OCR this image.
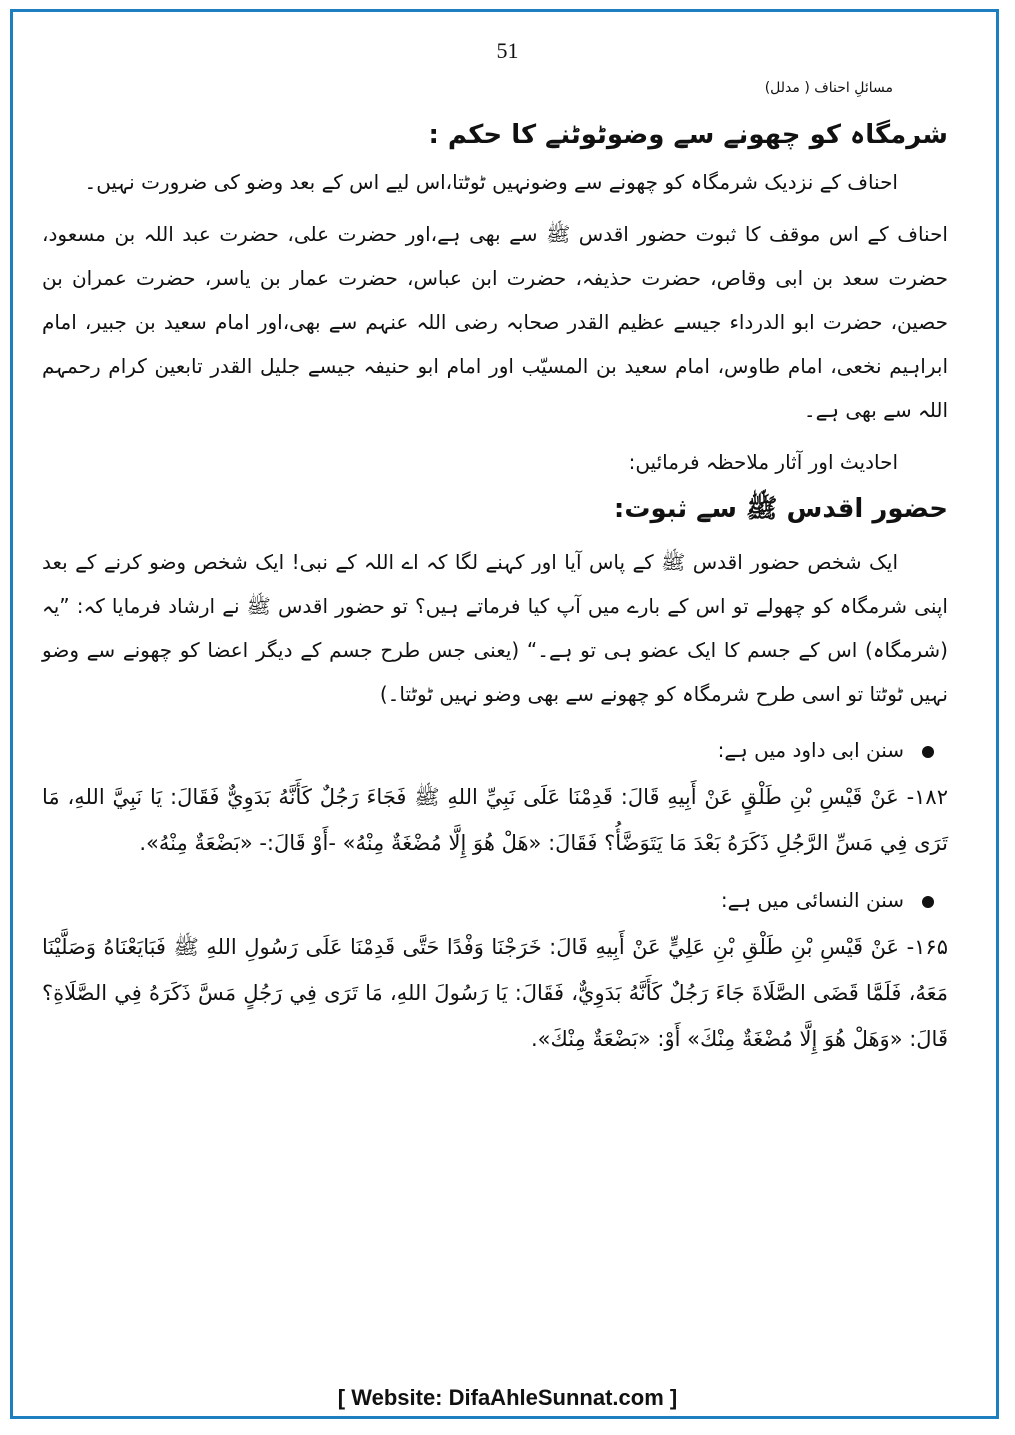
51
مسائلِ احناف ( مدلل)
شرمگاہ کو چھونے سے وضوٹوٹنے کا حکم :

احناف کے نزدیک شرمگاہ کو چھونے سے وضونہیں ٹوٹتا،اس لیے اس کے بعد وضو کی ضرورت نہیں۔

احناف کے اس موقف کا ثبوت حضور اقدس ﷺ سے بھی ہے،اور حضرت علی، حضرت عبد اللہ بن مسعود، حضرت سعد بن ابی وقاص، حضرت حذیفہ، حضرت ابن عباس، حضرت عمار بن یاسر، حضرت عمران بن حصین، حضرت ابو الدرداء جیسے عظیم القدر صحابہ رضی اللہ عنہم سے بھی،اور امام سعید بن جبیر، امام ابراہیم نخعی، امام طاوس، امام سعید بن المسیّب اور امام ابو حنیفہ جیسے جلیل القدر تابعین کرام رحمہم اللہ سے بھی ہے۔

احادیث اور آثار ملاحظہ فرمائیں:

حضور اقدس ﷺ سے ثبوت:

ایک شخص حضور اقدس ﷺ کے پاس آیا اور کہنے لگا کہ اے اللہ کے نبی! ایک شخص وضو کرنے کے بعد اپنی شرمگاہ کو چھولے تو اس کے بارے میں آپ کیا فرماتے ہیں؟ تو حضور اقدس ﷺ نے ارشاد فرمایا کہ: ”یہ (شرمگاہ) اس کے جسم کا ایک عضو ہی تو ہے۔“ (یعنی جس طرح جسم کے دیگر اعضا کو چھونے سے وضو نہیں ٹوٹتا تو اسی طرح شرمگاہ کو چھونے سے بھی وضو نہیں ٹوٹتا۔)

سنن ابی داود میں ہے:

۱۸۲- عَنْ قَيْسِ بْنِ طَلْقٍ عَنْ أَبِيهِ قَالَ: قَدِمْنَا عَلَى نَبِيِّ اللهِ ﷺ فَجَاءَ رَجُلٌ كَأَنَّهُ بَدَوِيٌّ فَقَالَ: يَا نَبِيَّ اللهِ، مَا تَرَى فِي مَسِّ الرَّجُلِ ذَكَرَهُ بَعْدَ مَا يَتَوَضَّأُ؟ فَقَالَ: «هَلْ هُوَ إِلَّا مُضْغَةٌ مِنْهُ» -أَوْ قَالَ:- «بَضْعَةٌ مِنْهُ».

سنن النسائی میں ہے:

۱۶۵- عَنْ قَيْسِ بْنِ طَلْقِ بْنِ عَلِيٍّ عَنْ أَبِيهِ قَالَ: خَرَجْنَا وَفْدًا حَتَّى قَدِمْنَا عَلَى رَسُولِ اللهِ ﷺ فَبَايَعْنَاهُ وَصَلَّيْنَا مَعَهُ، فَلَمَّا قَضَى الصَّلَاةَ جَاءَ رَجُلٌ كَأَنَّهُ بَدَوِيٌّ، فَقَالَ: يَا رَسُولَ اللهِ، مَا تَرَى فِي رَجُلٍ مَسَّ ذَكَرَهُ فِي الصَّلَاةِ؟ قَالَ: «وَهَلْ هُوَ إِلَّا مُضْغَةٌ مِنْكَ» أَوْ: «بَضْعَةٌ مِنْكَ».

[ Website: DifaAhleSunnat.com ]
